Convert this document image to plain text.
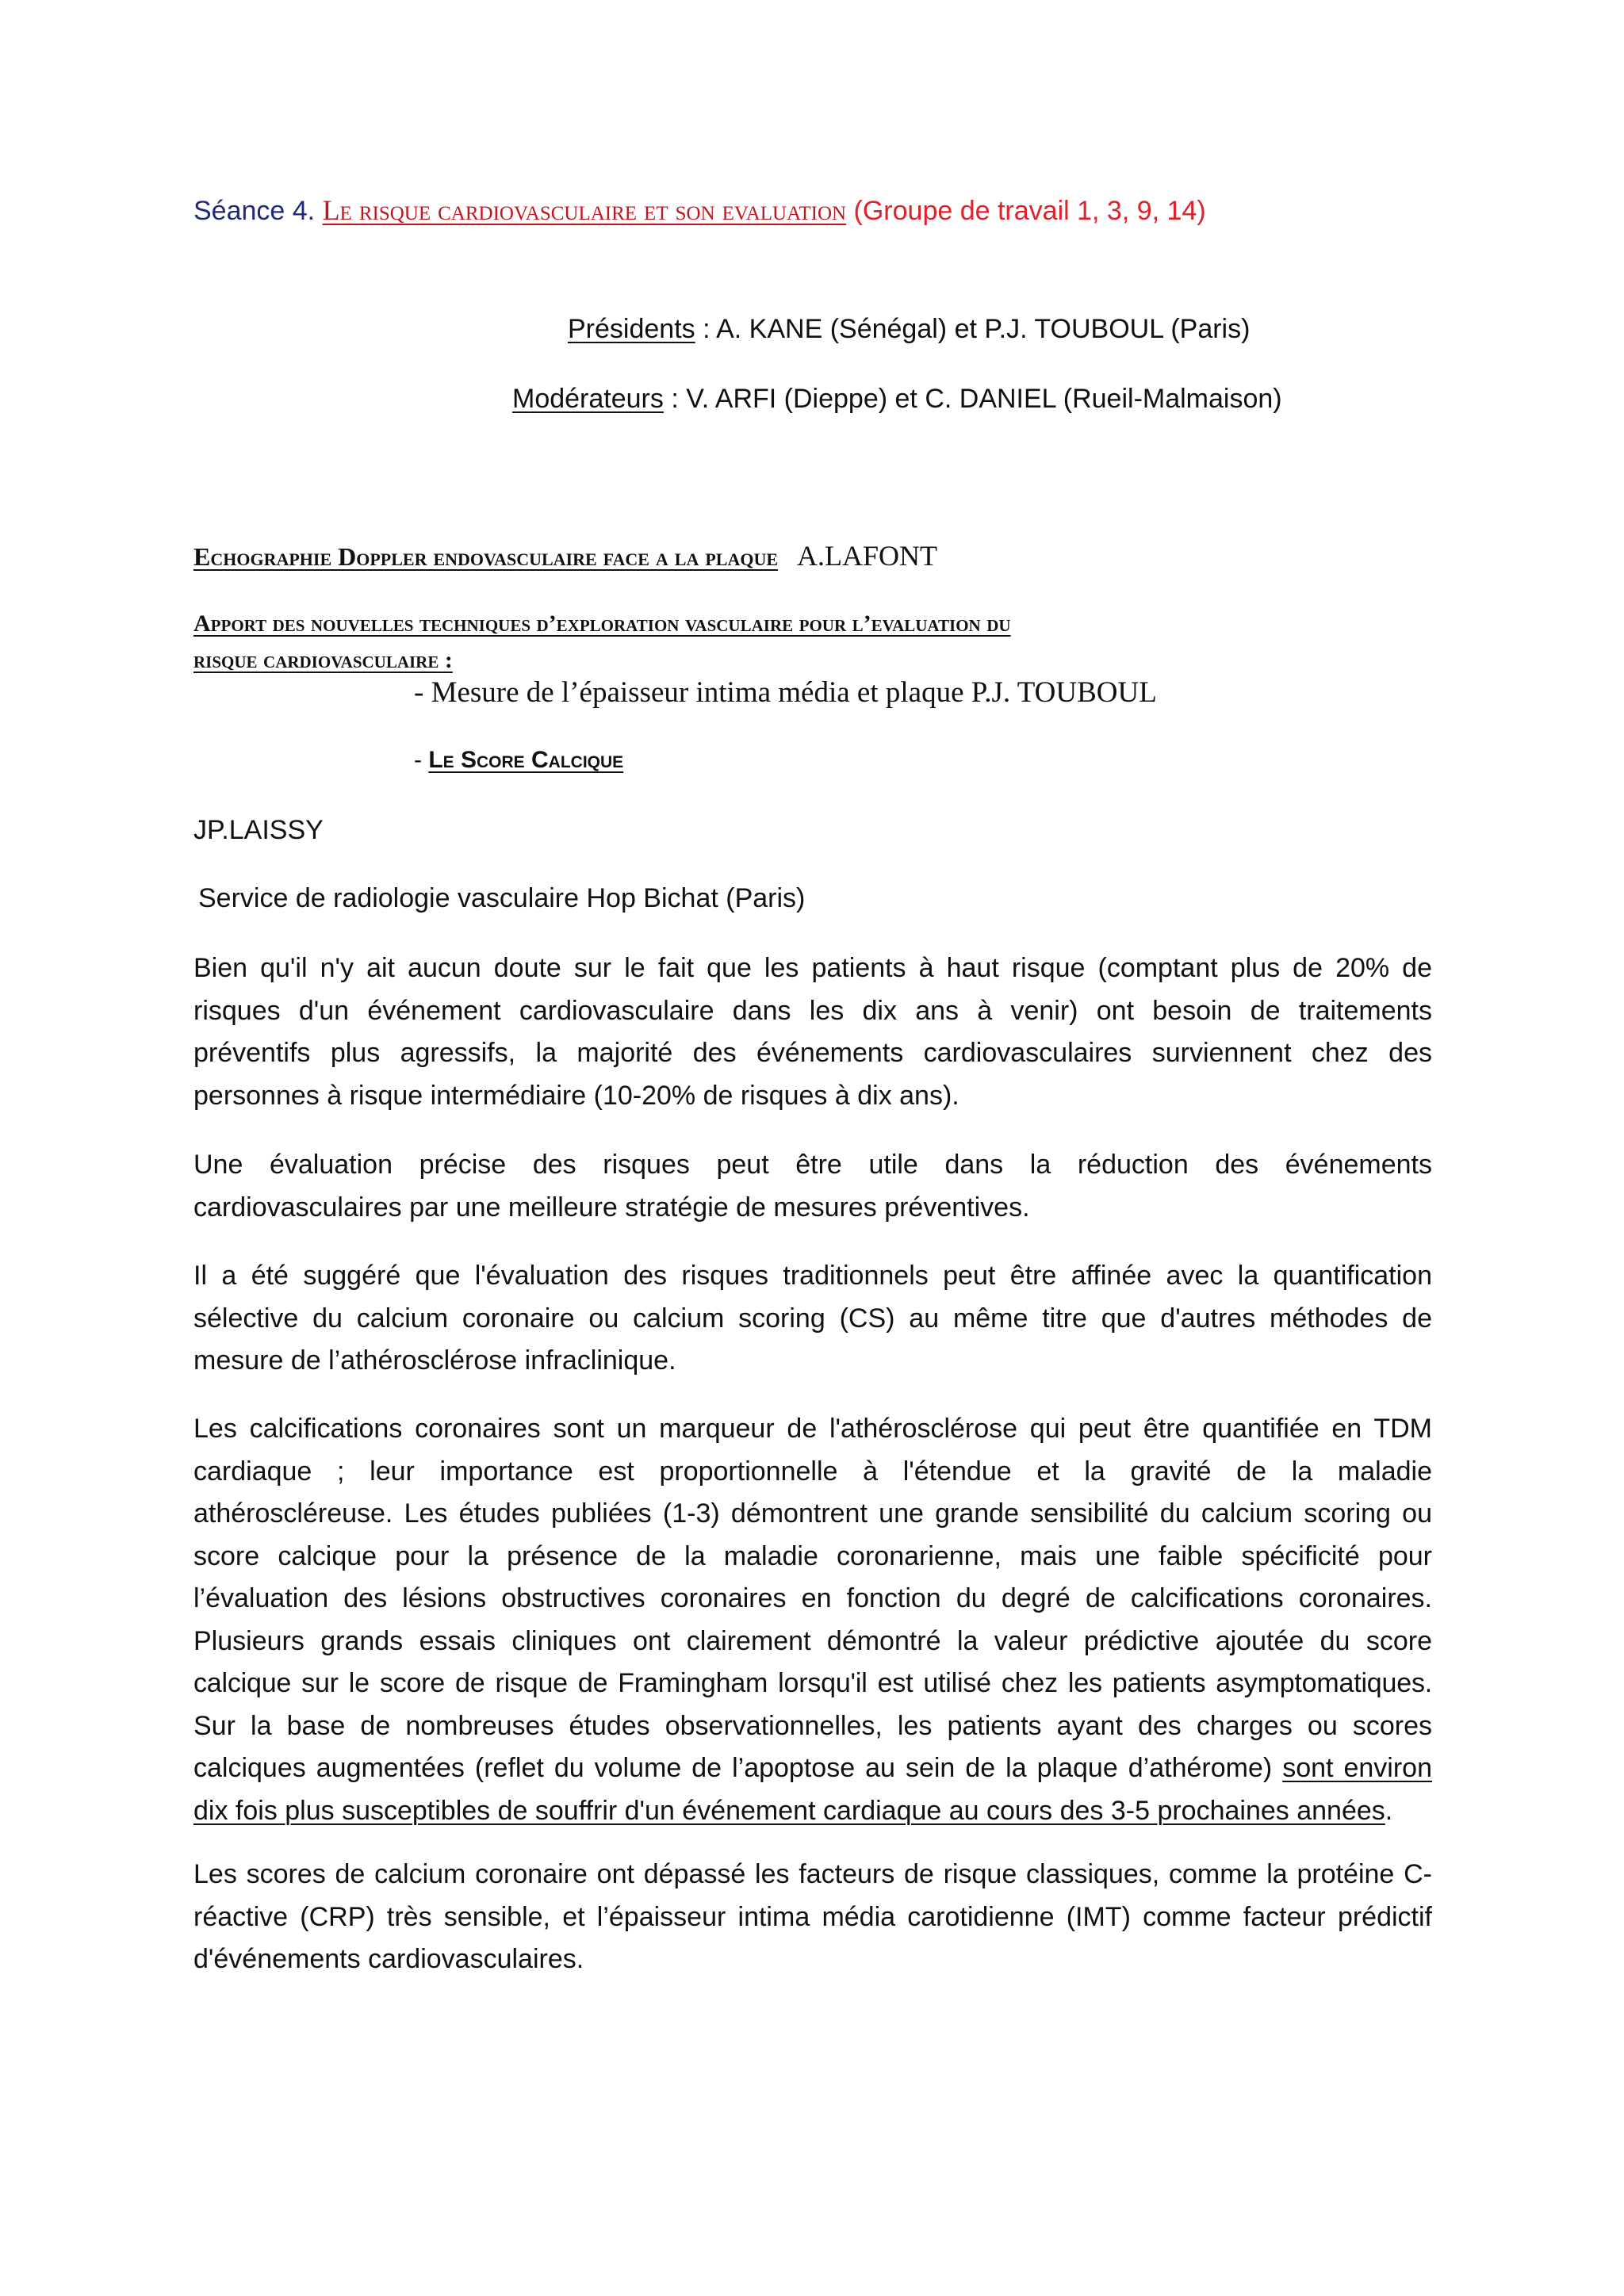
Séance 4. Le risque cardiovasculaire et son evaluation (Groupe de travail 1, 3, 9, 14)
Présidents : A. KANE (Sénégal) et P.J. TOUBOUL (Paris)
Modérateurs : V. ARFI (Dieppe) et C. DANIEL (Rueil-Malmaison)
Echographie Doppler endovasculaire face a la plaque A.LAFONT
Apport des nouvelles techniques d’exploration vasculaire pour l’evaluation du
risque cardiovasculaire :
- Mesure de l’épaisseur intima média et plaque P.J. TOUBOUL
- Le Score Calcique
JP.LAISSY
Service de radiologie vasculaire Hop Bichat (Paris)
Bien qu'il n'y ait aucun doute sur le fait que les patients à haut risque (comptant plus de 20% de
risques d'un événement cardiovasculaire dans les dix ans à venir) ont besoin de traitements
préventifs plus agressifs, la majorité des événements cardiovasculaires surviennent chez des
personnes à risque intermédiaire (10-20% de risques à dix ans).
Une évaluation précise des risques peut être utile dans la réduction des événements
cardiovasculaires par une meilleure stratégie de mesures préventives.
Il a été suggéré que l'évaluation des risques traditionnels peut être affinée avec la quantification
sélective du calcium coronaire ou calcium scoring (CS) au même titre que d'autres méthodes de
mesure de l’athérosclérose infraclinique.
Les calcifications coronaires sont un marqueur de l'athérosclérose qui peut être quantifiée en TDM
cardiaque ; leur importance est proportionnelle à l'étendue et la gravité de la maladie
athéroscléreuse. Les études publiées (1-3) démontrent une grande sensibilité du calcium scoring ou
score calcique pour la présence de la maladie coronarienne, mais une faible spécificité pour
l’évaluation des lésions obstructives coronaires en fonction du degré de calcifications coronaires.
Plusieurs grands essais cliniques ont clairement démontré la valeur prédictive ajoutée du score
calcique sur le score de risque de Framingham lorsqu'il est utilisé chez les patients asymptomatiques.
Sur la base de nombreuses études observationnelles, les patients ayant des charges ou scores
calciques augmentées (reflet du volume de l’apoptose au sein de la plaque d’athérome) sont environ
dix fois plus susceptibles de souffrir d'un événement cardiaque au cours des 3-5 prochaines années.
Les scores de calcium coronaire ont dépassé les facteurs de risque classiques, comme la protéine C-
réactive (CRP) très sensible, et l’épaisseur intima média carotidienne (IMT) comme facteur prédictif
d'événements cardiovasculaires.
